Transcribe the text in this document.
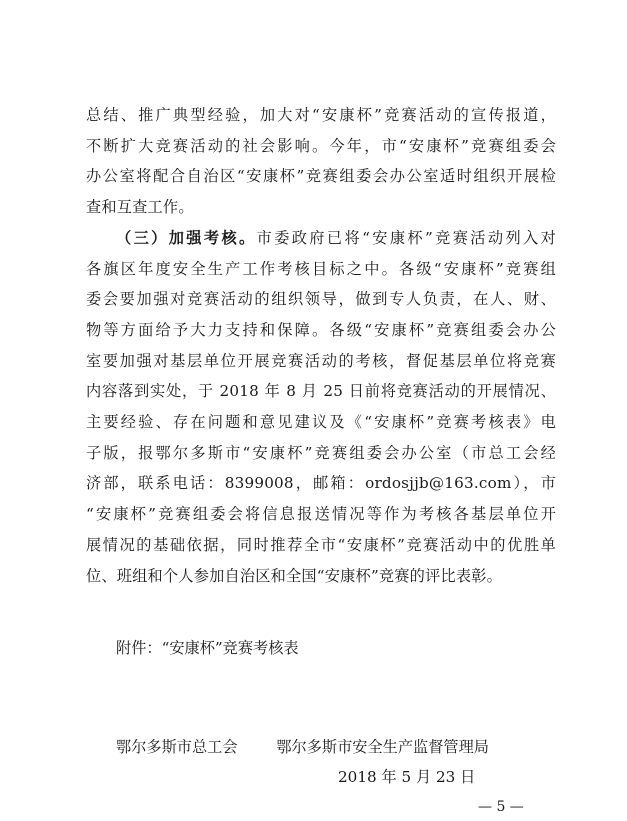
总结、推广典型经验，加大对“安康杯”竞赛活动的宣传报道，
不断扩大竞赛活动的社会影响。今年，市“安康杯”竞赛组委会
办公室将配合自治区“安康杯”竞赛组委会办公室适时组织开展检
查和互查工作。
（三）加强考核。市委政府已将“安康杯”竞赛活动列入对
各旗区年度安全生产工作考核目标之中。各级“安康杯”竞赛组
委会要加强对竞赛活动的组织领导，做到专人负责，在人、财、
物等方面给予大力支持和保障。各级“安康杯”竞赛组委会办公
室要加强对基层单位开展竞赛活动的考核，督促基层单位将竞赛
内容落到实处，于 2018 年 8 月 25 日前将竞赛活动的开展情况、
主要经验、存在问题和意见建议及《“安康杯”竞赛考核表》电
子版，报鄂尔多斯市“安康杯”竞赛组委会办公室（市总工会经
济部，联系电话：8399008，邮箱：ordosjjb@163.com），市
“安康杯”竞赛组委会将信息报送情况等作为考核各基层单位开
展情况的基础依据，同时推荐全市“安康杯”竞赛活动中的优胜单
位、班组和个人参加自治区和全国“安康杯”竞赛的评比表彰。
附件：“安康杯”竞赛考核表
鄂尔多斯市总工会	鄂尔多斯市安全生产监督管理局
2018 年 5 月 23 日
— 5 —
